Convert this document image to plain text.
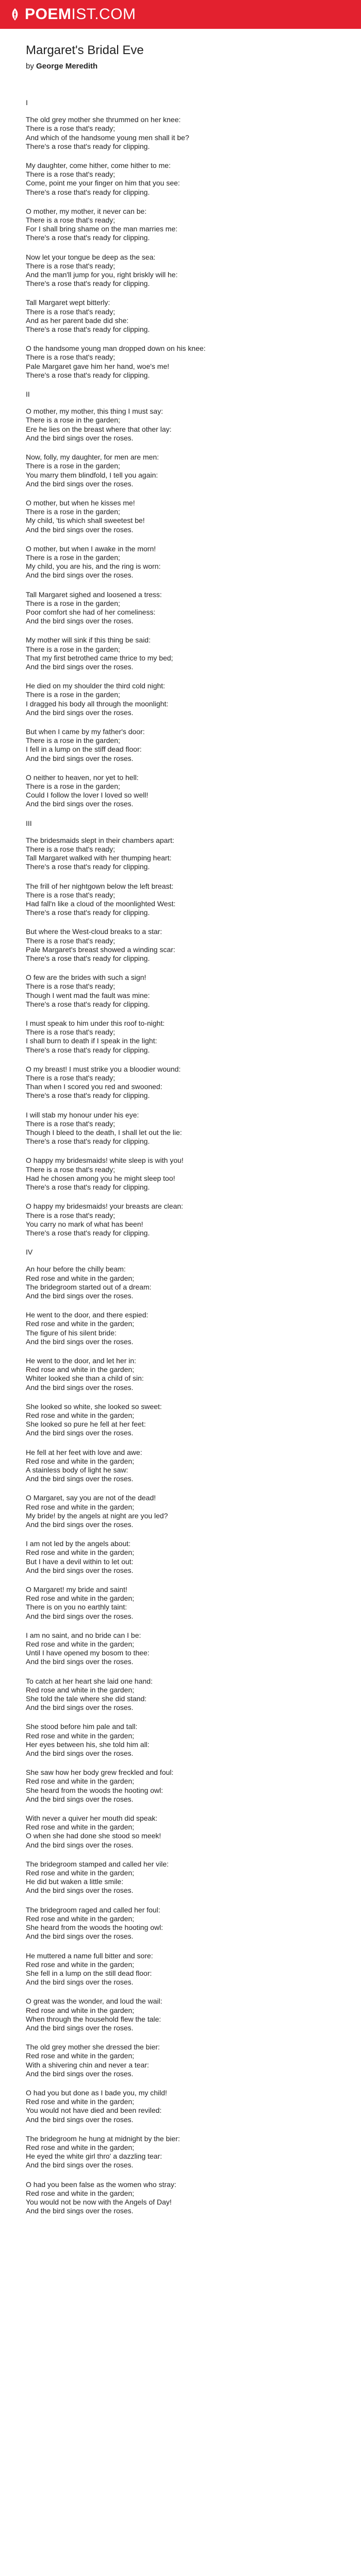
POEMIST.COM
Margaret's Bridal Eve
by George Meredith
I
The old grey mother she thrummed on her knee:
There is a rose that's ready;
And which of the handsome young men shall it be?
There's a rose that's ready for clipping.
My daughter, come hither, come hither to me:
There is a rose that's ready;
Come, point me your finger on him that you see:
There's a rose that's ready for clipping.
O mother, my mother, it never can be:
There is a rose that's ready;
For I shall bring shame on the man marries me:
There's a rose that's ready for clipping.
Now let your tongue be deep as the sea:
There is a rose that's ready;
And the man'll jump for you, right briskly will he:
There's a rose that's ready for clipping.
Tall Margaret wept bitterly:
There is a rose that's ready;
And as her parent bade did she:
There's a rose that's ready for clipping.
O the handsome young man dropped down on his knee:
There is a rose that's ready;
Pale Margaret gave him her hand, woe's me!
There's a rose that's ready for clipping.
II
O mother, my mother, this thing I must say:
There is a rose in the garden;
Ere he lies on the breast where that other lay:
And the bird sings over the roses.
Now, folly, my daughter, for men are men:
There is a rose in the garden;
You marry them blindfold, I tell you again:
And the bird sings over the roses.
O mother, but when he kisses me!
There is a rose in the garden;
My child, 'tis which shall sweetest be!
And the bird sings over the roses.
O mother, but when I awake in the morn!
There is a rose in the garden;
My child, you are his, and the ring is worn:
And the bird sings over the roses.
Tall Margaret sighed and loosened a tress:
There is a rose in the garden;
Poor comfort she had of her comeliness:
And the bird sings over the roses.
My mother will sink if this thing be said:
There is a rose in the garden;
That my first betrothed came thrice to my bed;
And the bird sings over the roses.
He died on my shoulder the third cold night:
There is a rose in the garden;
I dragged his body all through the moonlight:
And the bird sings over the roses.
But when I came by my father's door:
There is a rose in the garden;
I fell in a lump on the stiff dead floor:
And the bird sings over the roses.
O neither to heaven, nor yet to hell:
There is a rose in the garden;
Could I follow the lover I loved so well!
And the bird sings over the roses.
III
The bridesmaids slept in their chambers apart:
There is a rose that's ready;
Tall Margaret walked with her thumping heart:
There's a rose that's ready for clipping.
The frill of her nightgown below the left breast:
There is a rose that's ready;
Had fall'n like a cloud of the moonlighted West:
There's a rose that's ready for clipping.
But where the West-cloud breaks to a star:
There is a rose that's ready;
Pale Margaret's breast showed a winding scar:
There's a rose that's ready for clipping.
O few are the brides with such a sign!
There is a rose that's ready;
Though I went mad the fault was mine:
There's a rose that's ready for clipping.
I must speak to him under this roof to-night:
There is a rose that's ready;
I shall burn to death if I speak in the light:
There's a rose that's ready for clipping.
O my breast! I must strike you a bloodier wound:
There is a rose that's ready;
Than when I scored you red and swooned:
There's a rose that's ready for clipping.
I will stab my honour under his eye:
There is a rose that's ready;
Though I bleed to the death, I shall let out the lie:
There's a rose that's ready for clipping.
O happy my bridesmaids! white sleep is with you!
There is a rose that's ready;
Had he chosen among you he might sleep too!
There's a rose that's ready for clipping.
O happy my bridesmaids! your breasts are clean:
There is a rose that's ready;
You carry no mark of what has been!
There's a rose that's ready for clipping.
IV
An hour before the chilly beam:
Red rose and white in the garden;
The bridegroom started out of a dream:
And the bird sings over the roses.
He went to the door, and there espied:
Red rose and white in the garden;
The figure of his silent bride:
And the bird sings over the roses.
He went to the door, and let her in:
Red rose and white in the garden;
Whiter looked she than a child of sin:
And the bird sings over the roses.
She looked so white, she looked so sweet:
Red rose and white in the garden;
She looked so pure he fell at her feet:
And the bird sings over the roses.
He fell at her feet with love and awe:
Red rose and white in the garden;
A stainless body of light he saw:
And the bird sings over the roses.
O Margaret, say you are not of the dead!
Red rose and white in the garden;
My bride! by the angels at night are you led?
And the bird sings over the roses.
I am not led by the angels about:
Red rose and white in the garden;
But I have a devil within to let out:
And the bird sings over the roses.
O Margaret! my bride and saint!
Red rose and white in the garden;
There is on you no earthly taint:
And the bird sings over the roses.
I am no saint, and no bride can I be:
Red rose and white in the garden;
Until I have opened my bosom to thee:
And the bird sings over the roses.
To catch at her heart she laid one hand:
Red rose and white in the garden;
She told the tale where she did stand:
And the bird sings over the roses.
She stood before him pale and tall:
Red rose and white in the garden;
Her eyes between his, she told him all:
And the bird sings over the roses.
She saw how her body grew freckled and foul:
Red rose and white in the garden;
She heard from the woods the hooting owl:
And the bird sings over the roses.
With never a quiver her mouth did speak:
Red rose and white in the garden;
O when she had done she stood so meek!
And the bird sings over the roses.
The bridegroom stamped and called her vile:
Red rose and white in the garden;
He did but waken a little smile:
And the bird sings over the roses.
The bridegroom raged and called her foul:
Red rose and white in the garden;
She heard from the woods the hooting owl:
And the bird sings over the roses.
He muttered a name full bitter and sore:
Red rose and white in the garden;
She fell in a lump on the still dead floor:
And the bird sings over the roses.
O great was the wonder, and loud the wail:
Red rose and white in the garden;
When through the household flew the tale:
And the bird sings over the roses.
The old grey mother she dressed the bier:
Red rose and white in the garden;
With a shivering chin and never a tear:
And the bird sings over the roses.
O had you but done as I bade you, my child!
Red rose and white in the garden;
You would not have died and been reviled:
And the bird sings over the roses.
The bridegroom he hung at midnight by the bier:
Red rose and white in the garden;
He eyed the white girl thro' a dazzling tear:
And the bird sings over the roses.
O had you been false as the women who stray:
Red rose and white in the garden;
You would not be now with the Angels of Day!
And the bird sings over the roses.
